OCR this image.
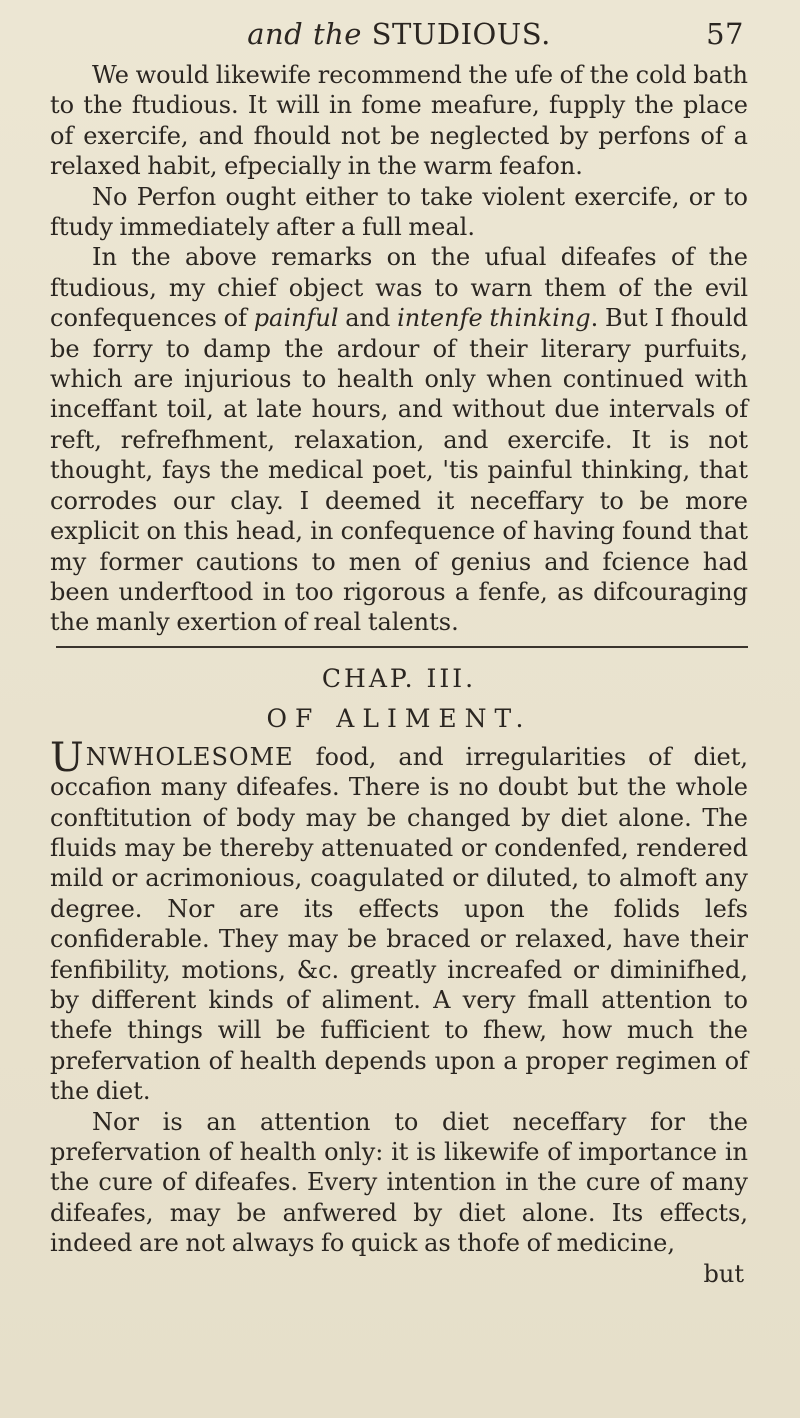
and the STUDIOUS.	57

We would likewife recommend the ufe of the cold bath to the ftudious. It will in fome meafure, fupply the place of exercife, and fhould not be neglected by perfons of a relaxed habit, efpecially in the warm feafon.

No Perfon ought either to take violent exercife, or to ftudy immediately after a full meal.

In the above remarks on the ufual difeafes of the ftudious, my chief object was to warn them of the evil confequences of painful and intenfe thinking. But I fhould be forry to damp the ardour of their literary purfuits, which are injurious to health only when continued with inceffant toil, at late hours, and without due intervals of reft, refrefhment, relaxation, and exercife. It is not thought, fays the medical poet, 'tis painful thinking, that corrodes our clay. I deemed it neceffary to be more explicit on this head, in confequence of having found that my former cautions to men of genius and fcience had been underftood in too rigorous a fenfe, as difcouraging the manly exertion of real talents.

CHAP. III.
OF ALIMENT.

UNWHOLESOME food, and irregularities of diet, occafion many difeafes. There is no doubt but the whole conftitution of body may be changed by diet alone. The fluids may be thereby attenuated or condenfed, rendered mild or acrimonious, coagulated or diluted, to almoft any degree. Nor are its effects upon the folids lefs confiderable. They may be braced or relaxed, have their fenfibility, motions, &c. greatly increafed or diminifhed, by different kinds of aliment. A very fmall attention to thefe things will be fufficient to fhew, how much the prefervation of health depends upon a proper regimen of the diet.

Nor is an attention to diet neceffary for the prefervation of health only: it is likewife of importance in the cure of difeafes. Every intention in the cure of many difeafes, may be anfwered by diet alone. Its effects, indeed are not always fo quick as thofe of medicine,

but
